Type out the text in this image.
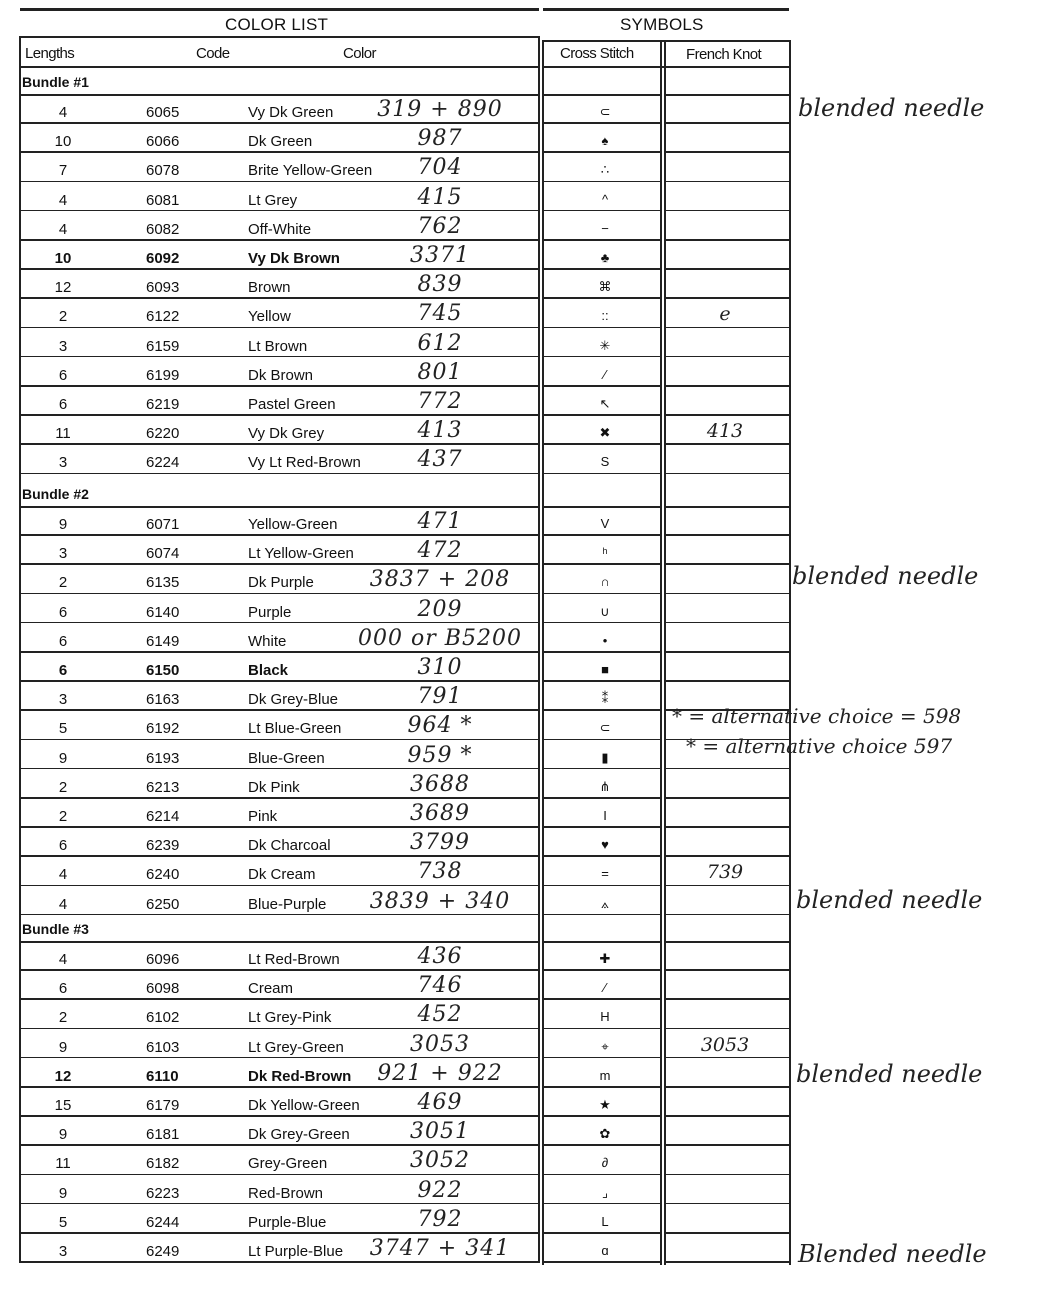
COLOR LIST	SYMBOLS
Lengths	Code	Color	Cross Stitch	French Knot
Bundle #1
4	6065	Vy Dk Green	319 + 890	⊂
10	6066	Dk Green	987	♠
7	6078	Brite Yellow-Green	704	∴
4	6081	Lt Grey	415	^
4	6082	Off-White	762	−
10	6092	Vy Dk Brown	3371	♣
12	6093	Brown	839	⌘
2	6122	Yellow	745	::	e
3	6159	Lt Brown	612	✳
6	6199	Dk Brown	801	⁄
6	6219	Pastel Green	772	↖
11	6220	Vy Dk Grey	413	✖	413
3	6224	Vy Lt Red-Brown	437	S
Bundle #2
9	6071	Yellow-Green	471	V
3	6074	Lt Yellow-Green	472	ʰ
2	6135	Dk Purple	3837 + 208	∩
6	6140	Purple	209	∪
6	6149	White	000 or B5200	•
6	6150	Black	310	■
3	6163	Dk Grey-Blue	791	⁑
5	6192	Lt Blue-Green	964 *	⊂
9	6193	Blue-Green	959 *	▮
2	6213	Dk Pink	3688	⋔
2	6214	Pink	3689	I
6	6239	Dk Charcoal	3799	♥
4	6240	Dk Cream	738	=	739
4	6250	Blue-Purple	3839 + 340	⟑
Bundle #3
4	6096	Lt Red-Brown	436	✚
6	6098	Cream	746	⁄
2	6102	Lt Grey-Pink	452	H
9	6103	Lt Grey-Green	3053	⌖	3053
12	6110	Dk Red-Brown	921 + 922	m
15	6179	Dk Yellow-Green	469	★
9	6181	Dk Grey-Green	3051	✿
11	6182	Grey-Green	3052	∂
9	6223	Red-Brown	922	⌟
5	6244	Purple-Blue	792	L
3	6249	Lt Purple-Blue	3747 + 341	ɑ
blended needle
blended needle
* = alternative choice = 598
* = alternative choice 597
blended needle
blended needle
Blended needle
